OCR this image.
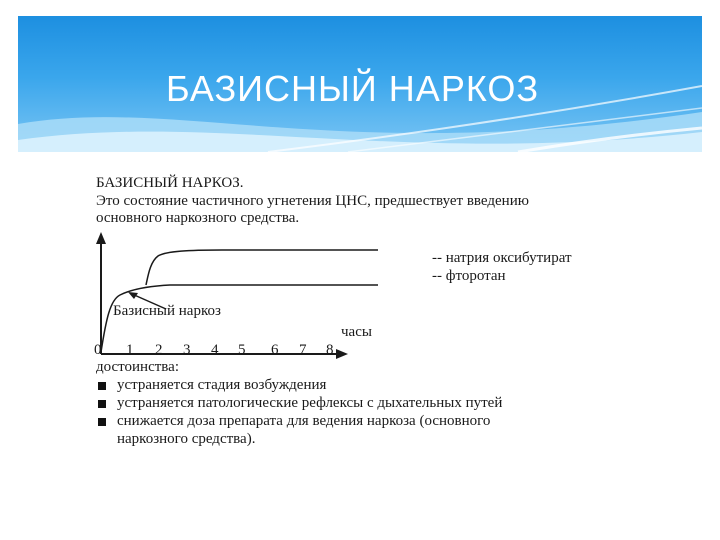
БАЗИСНЫЙ НАРКОЗ

БАЗИСНЫЙ НАРКОЗ.

Это состояние частичного угнетения ЦНС, предшествует введению

основного наркозного средства.

-- натрия оксибутират

-- фторотан

Базисный наркоз

часы

0 1 2 3 4 5 6 7 8

достоинства:

устраняется стадия возбуждения

устраняется патологические рефлексы с дыхательных путей

снижается доза препарата для ведения наркоза (основного

наркозного средства).
